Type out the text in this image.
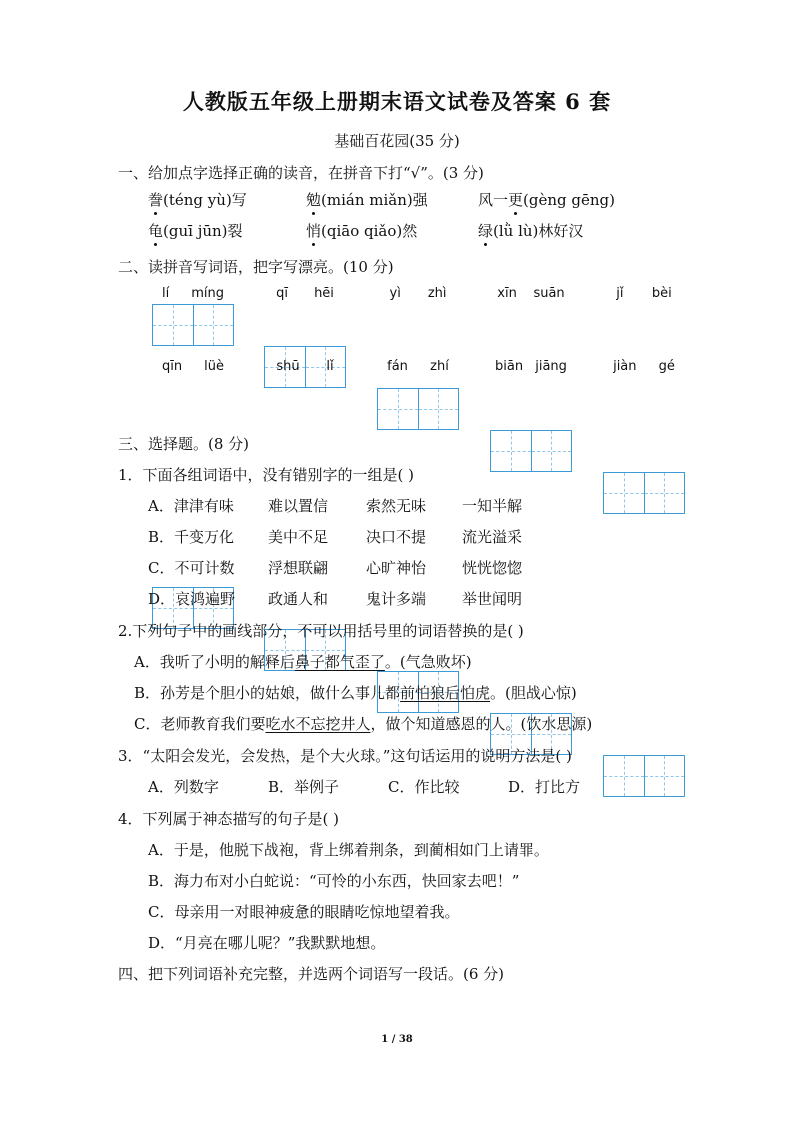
人教版五年级上册期末语文试卷及答案 6 套
基础百花园(35 分)
一、给加点字选择正确的读音，在拼音下打“√”。(3 分)
誊(téng yù)写	勉(mián miǎn)强	风一更(gèng gēng)
龟(guī jūn)裂	悄(qiāo qiǎo)然	绿(lǜ lù)林好汉
二、读拼音写词语，把字写漂亮。(10 分)
lí míng	qī hēi	yì zhì	xīn suān	jǐ bèi
qīn lüè	shū lǐ	fán zhí	biān jiāng	jiàn gé
三、选择题。(8 分)
1．下面各组词语中，没有错别字的一组是( )
A．津津有味 难以置信	索然无味 一知半解
B．千变万化 美中不足	决口不提 流光溢采
C．不可计数 浮想联翩	心旷神怡 恍恍惚惚
D．哀鸿遍野 政通人和	鬼计多端 举世闻明
2.下列句子中的画线部分，不可以用括号里的词语替换的是( )
A．我听了小明的解释后鼻子都气歪了。(气急败坏)
B．孙芳是个胆小的姑娘，做什么事儿都前怕狼后怕虎。(胆战心惊)
C．老师教育我们要吃水不忘挖井人，做个知道感恩的人。(饮水思源)
3．“太阳会发光，会发热，是个大火球。”这句话运用的说明方法是( )
A．列数字	B．举例子	C．作比较	D．打比方
4．下列属于神态描写的句子是( )
A．于是，他脱下战袍，背上绑着荆条，到蔺相如门上请罪。
B．海力布对小白蛇说：“可怜的小东西，快回家去吧！”
C．母亲用一对眼神疲惫的眼睛吃惊地望着我。
D．“月亮在哪儿呢？”我默默地想。
四、把下列词语补充完整，并选两个词语写一段话。(6 分)
1 / 38
